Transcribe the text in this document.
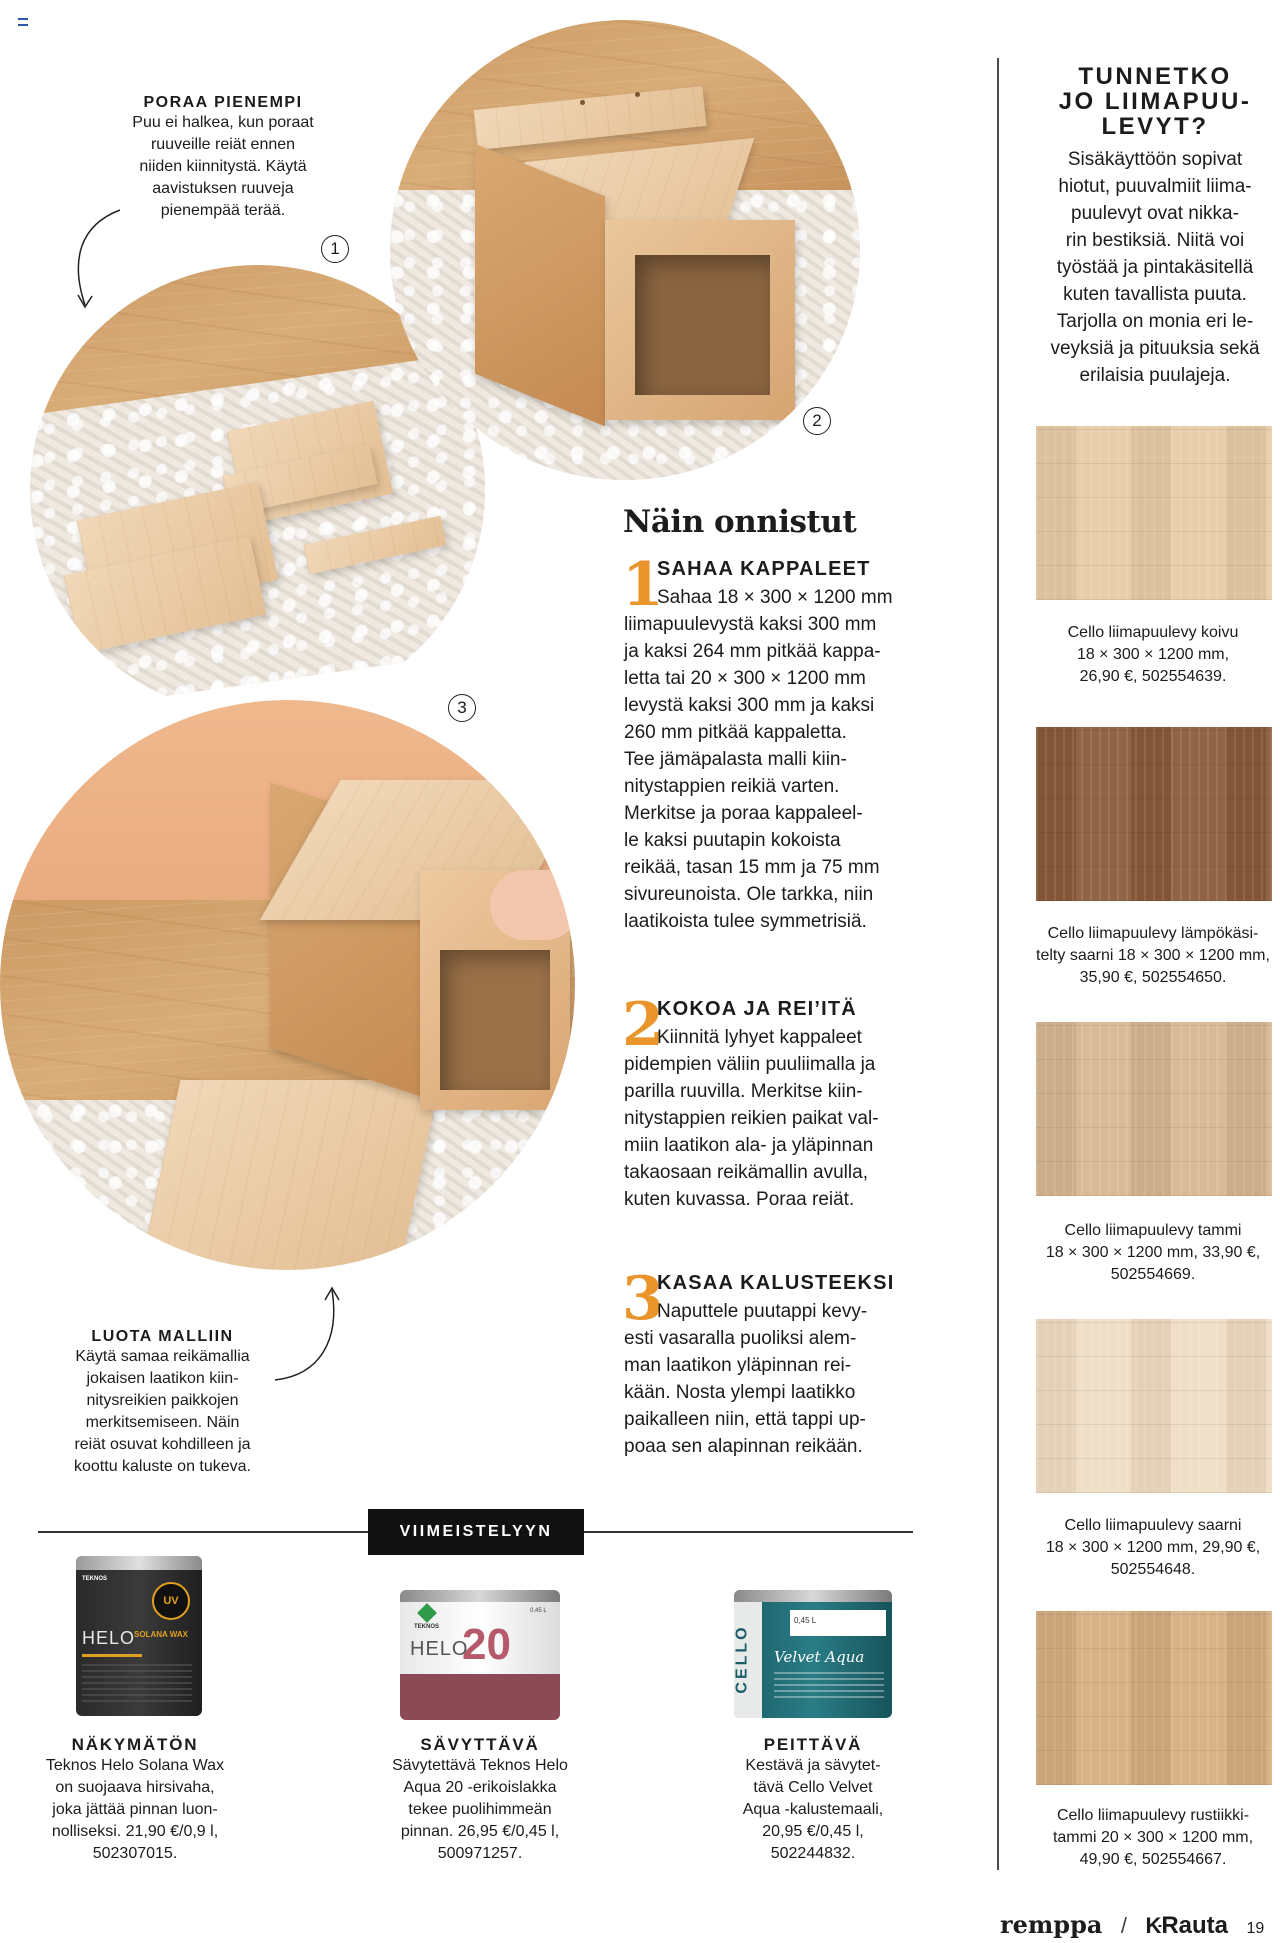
PORAA PIENEMPI
Puu ei halkea, kun poraat
ruuveille reiät ennen
niiden kiinnitystä. Käytä
aavistuksen ruuveja
pienempää terää.
1
2
3
LUOTA MALLIIN
Käytä samaa reikämallia
jokaisen laatikon kiin-
nitysreikien paikkojen
merkitsemiseen. Näin
reiät osuvat kohdilleen ja
koottu kaluste on tukeva.
Näin onnistut
1
SAHAA KAPPALEET
Sahaa 18 × 300 × 1200 mm
liimapuulevystä kaksi 300 mm
ja kaksi 264 mm pitkää kappa-
letta tai 20 × 300 × 1200 mm
levystä kaksi 300 mm ja kaksi
260 mm pitkää kappaletta.
Tee jämäpalasta malli kiin-
nitystappien reikiä varten.
Merkitse ja poraa kappaleel-
le kaksi puutapin kokoista
reikää, tasan 15 mm ja 75 mm
sivureunoista. Ole tarkka, niin
laatikoista tulee symmetrisiä.
2
KOKOA JA REI’ITÄ
Kiinnitä lyhyet kappaleet
pidempien väliin puuliimalla ja
parilla ruuvilla. Merkitse kiin-
nitystappien reikien paikat val-
miin laatikon ala- ja yläpinnan
takaosaan reikämallin avulla,
kuten kuvassa. Poraa reiät.
3
KASAA KALUSTEEKSI
Naputtele puutappi kevy-
esti vasaralla puoliksi alem-
man laatikon yläpinnan rei-
kään. Nosta ylempi laatikko
paikalleen niin, että tappi up-
poaa sen alapinnan reikään.
TUNNETKO
JO LIIMAPUU-
LEVYT?
Sisäkäyttöön sopivat
hiotut, puuvalmiit liima-
puulevyt ovat nikka-
rin bestiksiä. Niitä voi
työstää ja pintakäsitellä
kuten tavallista puuta.
Tarjolla on monia eri le-
veyksiä ja pituuksia sekä
erilaisia puulajeja.
Cello liimapuulevy koivu
18 × 300 × 1200 mm,
26,90 €, 502554639.
Cello liimapuulevy lämpökäsi-
telty saarni 18 × 300 × 1200 mm,
35,90 €, 502554650.
Cello liimapuulevy tammi
18 × 300 × 1200 mm, 33,90 €,
502554669.
Cello liimapuulevy saarni
18 × 300 × 1200 mm, 29,90 €,
502554648.
Cello liimapuulevy rustiikki-
tammi 20 × 300 × 1200 mm,
49,90 €, 502554667.
VIIMEISTELYYN
TEKNOS
UV
HELO
SOLANA WAX
TEKNOS
0,45 L
HELO
20	CELLO
0,45 L
Velvet Aqua
NÄKYMÄTÖN
Teknos Helo Solana Wax
on suojaava hirsivaha,
joka jättää pinnan luon-
nolliseksi. 21,90 €/0,9 l,
502307015.
SÄVYTTÄVÄ
Sävytettävä Teknos Helo
Aqua 20 -erikoislakka
tekee puolihimmeän
pinnan. 26,95 €/0,45 l,
500971257.
PEITTÄVÄ
Kestävä ja sävytet-
tävä Cello Velvet
Aqua -kalustemaali,
20,95 €/0,45 l,
502244832.
remppa / KRauta 19
